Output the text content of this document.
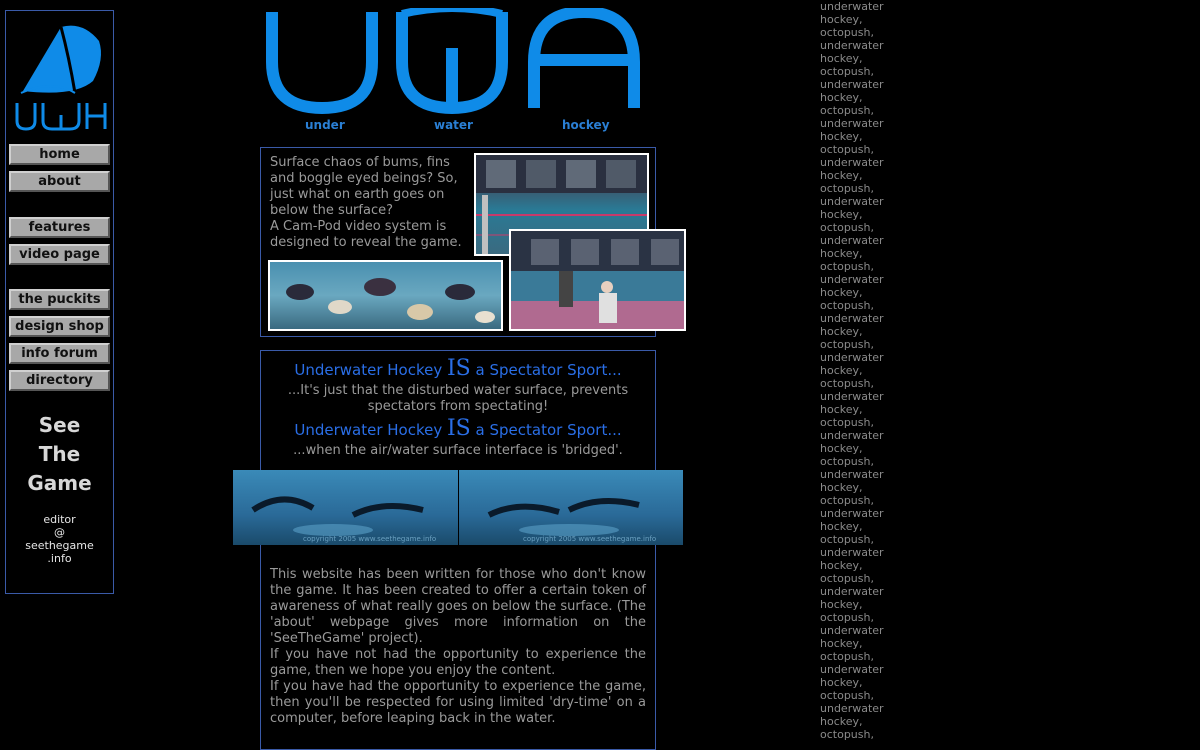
home
about
features
video page
the puckits
design shop
info forum
directory
See
The
Game
editor
@
seethegame
.info
under	water	hockey
Surface chaos of bums, fins
and boggle eyed beings? So,
just what on earth goes on
below the surface?
A Cam-Pod video system is
designed to reveal the game.
Underwater Hockey IS a Spectator Sport...
...It's just that the disturbed water surface, prevents spectators from spectating!
Underwater Hockey IS a Spectator Sport...
...when the air/water surface interface is 'bridged'.
copyright 2005 www.seethegame.info	copyright 2005 www.seethegame.info

This website has been written for those who don't know the game. It has been created to offer a certain token of awareness of what really goes on below the surface. (The 'about' webpage gives more information on the 'SeeTheGame' project).

If you have not had the opportunity to experience the game, then we hope you enjoy the content.

If you have had the opportunity to experience the game, then you'll be respected for using limited 'dry-time' on a computer, before leaping back in the water.

underwater
hockey,
octopush,
underwater
hockey,
octopush,
underwater
hockey,
octopush,
underwater
hockey,
octopush,
underwater
hockey,
octopush,
underwater
hockey,
octopush,
underwater
hockey,
octopush,
underwater
hockey,
octopush,
underwater
hockey,
octopush,
underwater
hockey,
octopush,
underwater
hockey,
octopush,
underwater
hockey,
octopush,
underwater
hockey,
octopush,
underwater
hockey,
octopush,
underwater
hockey,
octopush,
underwater
hockey,
octopush,
underwater
hockey,
octopush,
underwater
hockey,
octopush,
underwater
hockey,
octopush,
